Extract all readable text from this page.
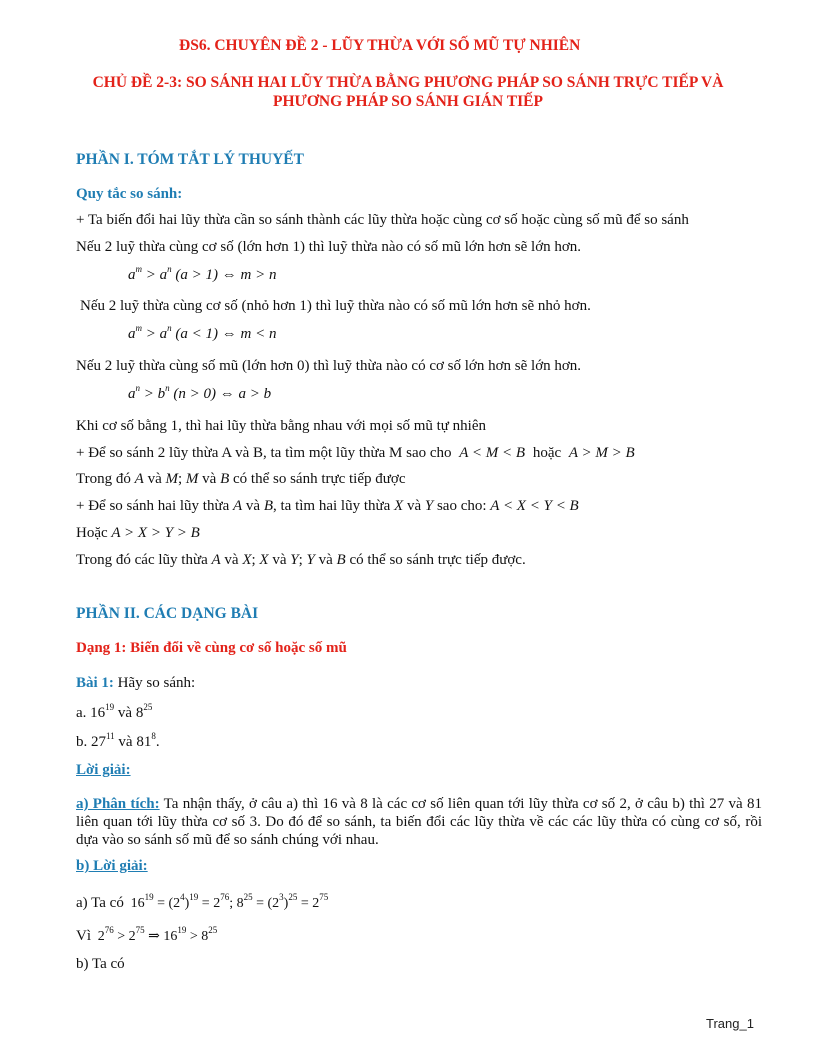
ĐS6. CHUYÊN ĐỀ 2 - LŨY THỪA VỚI SỐ MŨ TỰ NHIÊN
CHỦ ĐỀ 2-3: SO SÁNH HAI LŨY THỪA BẰNG PHƯƠNG PHÁP SO SÁNH TRỰC TIẾP VÀ PHƯƠNG PHÁP SO SÁNH GIÁN TIẾP
PHẦN I. TÓM TẮT LÝ THUYẾT
Quy tắc so sánh:
+ Ta biến đổi hai lũy thừa cần so sánh thành các lũy thừa hoặc cùng cơ số hoặc cùng số mũ để so sánh
Nếu 2 luỹ thừa cùng cơ số (lớn hơn 1) thì luỹ thừa nào có số mũ lớn hơn sẽ lớn hơn.
$a^m > a^n$ (a > 1) ⇔ m > n
Nếu 2 luỹ thừa cùng cơ số (nhỏ hơn 1) thì luỹ thừa nào có số mũ lớn hơn sẽ nhỏ hơn.
$a^m > a^n$ (a < 1) ⇔ m < n
Nếu 2 luỹ thừa cùng số mũ (lớn hơn 0) thì luỹ thừa nào có cơ số lớn hơn sẽ lớn hơn.
$a^n > b^n$ (n > 0) ⇔ a > b
Khi cơ số bằng 1, thì hai lũy thừa bằng nhau với mọi số mũ tự nhiên
+ Để so sánh 2 lũy thừa A và B, ta tìm một lũy thừa M sao cho A < M < B hoặc A > M > B
Trong đó A và M; M và B có thể so sánh trực tiếp được
+ Để so sánh hai lũy thừa A và B, ta tìm hai lũy thừa X và Y sao cho: A < X < Y < B
Hoặc A > X > Y > B
Trong đó các lũy thừa A và X; X và Y; Y và B có thể so sánh trực tiếp được.
PHẦN II. CÁC DẠNG BÀI
Dạng 1: Biến đổi về cùng cơ số hoặc số mũ
Bài 1: Hãy so sánh:
a. $16^{19}$ và $8^{25}$
b. $27^{11}$ và $81^8$.
Lời giải:
a) Phân tích: Ta nhận thấy, ở câu a) thì 16 và 8 là các cơ số liên quan tới lũy thừa cơ số 2, ở câu b) thì 27 và 81 liên quan tới lũy thừa cơ số 3. Do đó để so sánh, ta biến đổi các lũy thừa về các các lũy thừa có cùng cơ số, rồi dựa vào so sánh số mũ để so sánh chúng với nhau.
b) Lời giải:
a) Ta có $16^{19} = (2^4)^{19} = 2^{76}$; $8^{25} = (2^3)^{25} = 2^{75}$
Vì $2^{76} > 2^{75}$ ⇒ $16^{19} > 8^{25}$
b) Ta có
Trang_1
